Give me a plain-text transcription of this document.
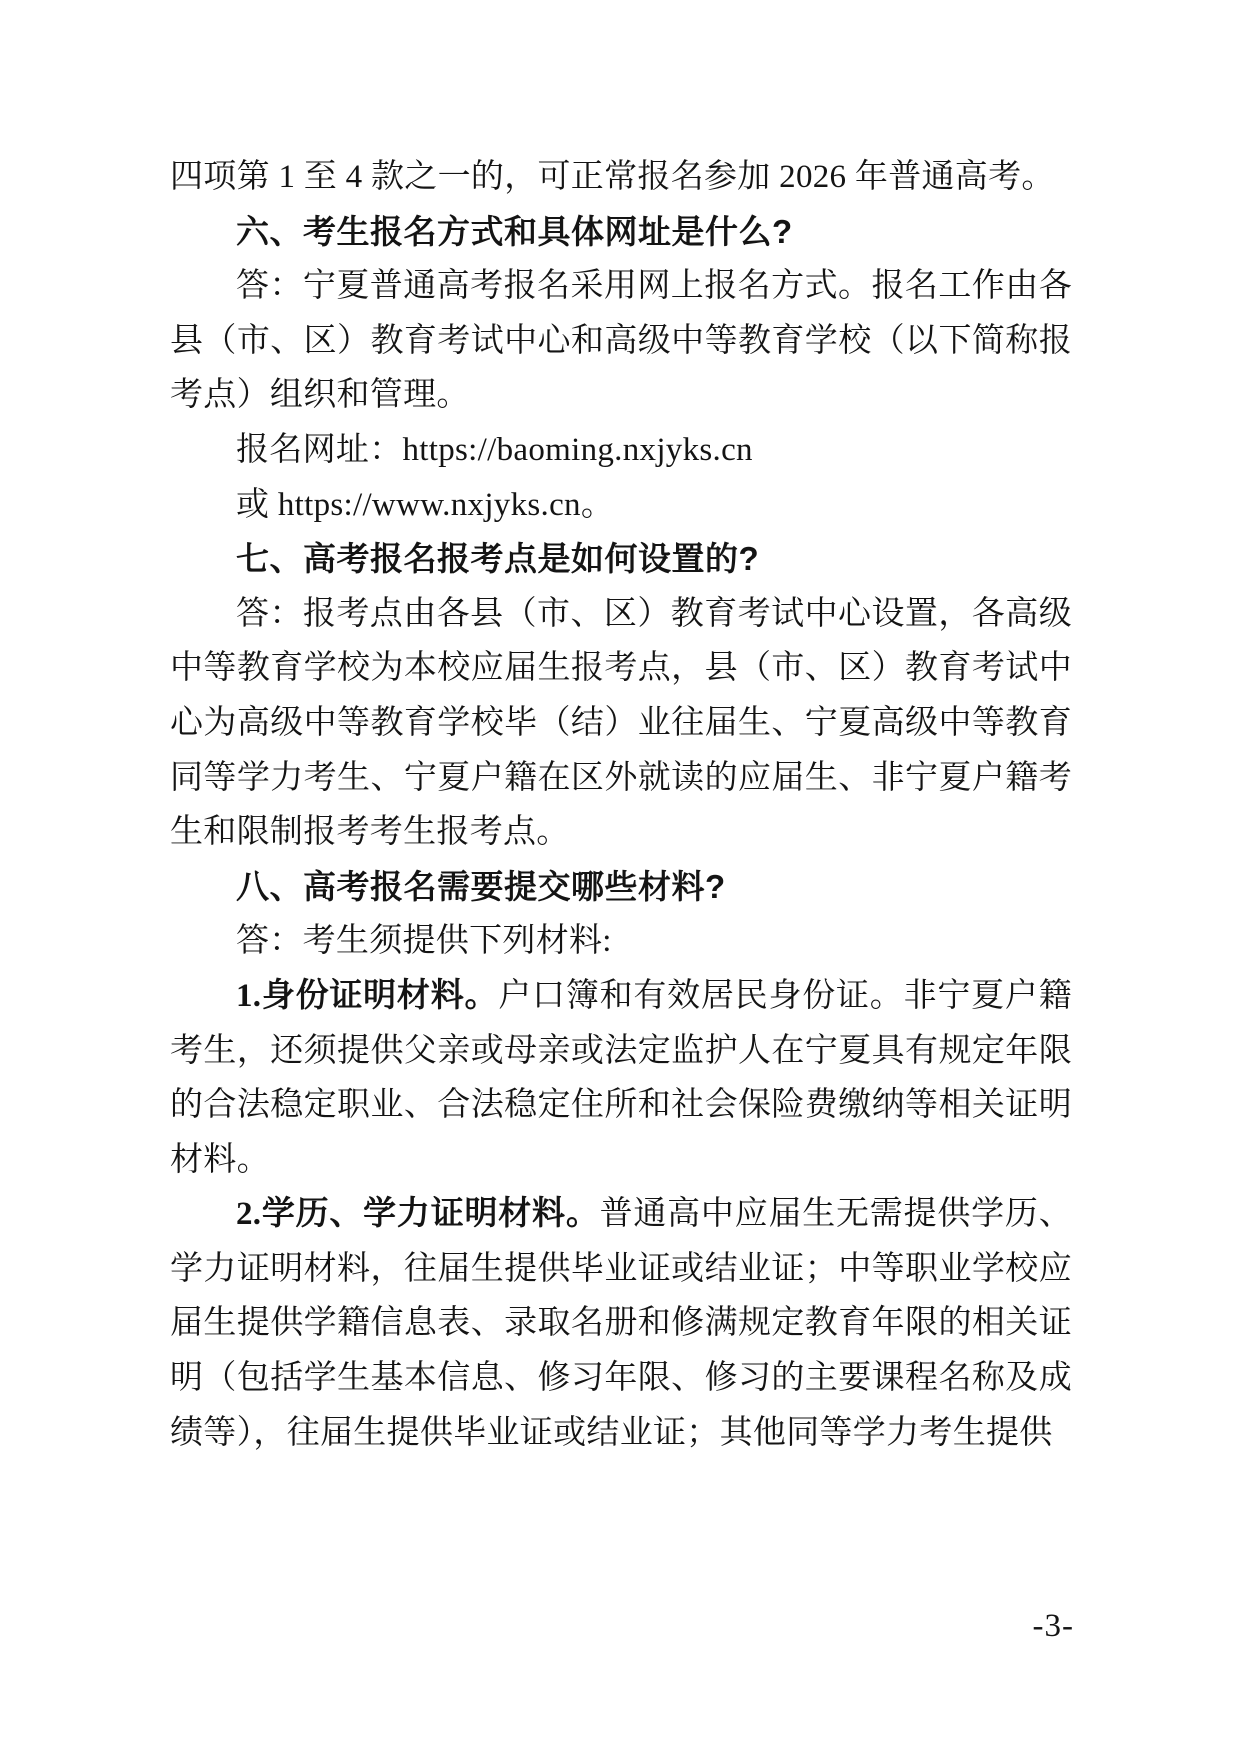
四项第 1 至 4 款之一的，可正常报名参加 2026 年普通高考。

六、考生报名方式和具体网址是什么?

答：宁夏普通高考报名采用网上报名方式。报名工作由各县（市、区）教育考试中心和高级中等教育学校（以下简称报考点）组织和管理。

报名网址：https://baoming.nxjyks.cn

或 https://www.nxjyks.cn。

七、高考报名报考点是如何设置的?

答：报考点由各县（市、区）教育考试中心设置，各高级中等教育学校为本校应届生报考点，县（市、区）教育考试中心为高级中等教育学校毕（结）业往届生、宁夏高级中等教育同等学力考生、宁夏户籍在区外就读的应届生、非宁夏户籍考生和限制报考考生报考点。

八、高考报名需要提交哪些材料?

答：考生须提供下列材料:

1.身份证明材料。户口簿和有效居民身份证。非宁夏户籍考生，还须提供父亲或母亲或法定监护人在宁夏具有规定年限的合法稳定职业、合法稳定住所和社会保险费缴纳等相关证明材料。

2.学历、学力证明材料。普通高中应届生无需提供学历、学力证明材料，往届生提供毕业证或结业证；中等职业学校应届生提供学籍信息表、录取名册和修满规定教育年限的相关证明（包括学生基本信息、修习年限、修习的主要课程名称及成绩等），往届生提供毕业证或结业证；其他同等学力考生提供

-3-
